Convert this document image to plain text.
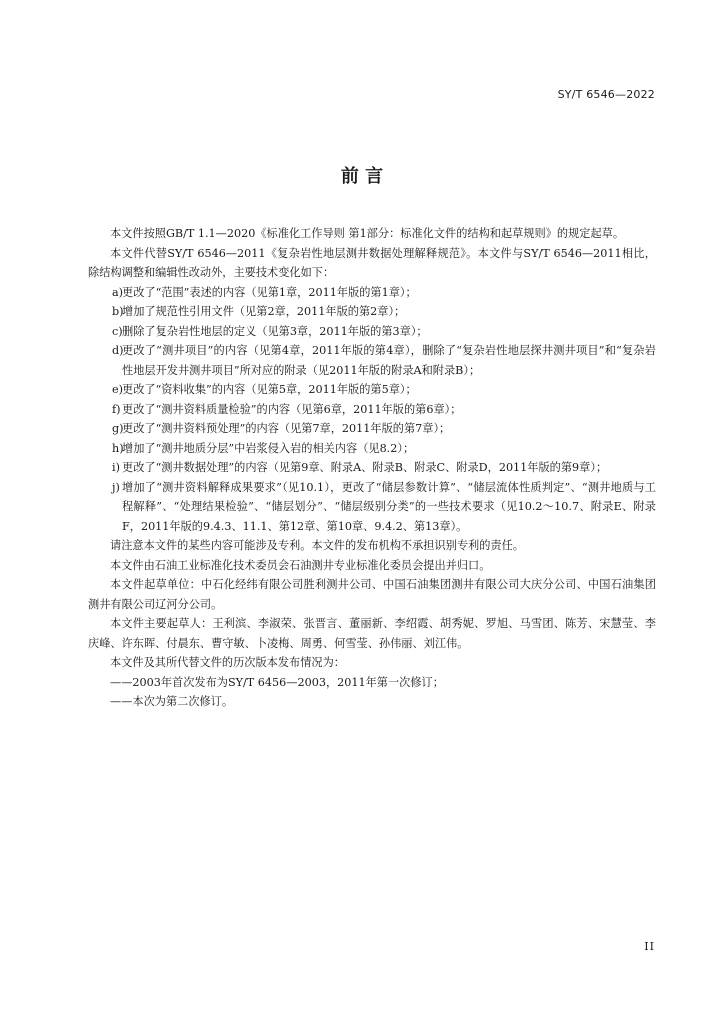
SY/T 6546—2022
前 言

本文件按照GB/T 1.1—2020《标准化工作导则 第1部分：标准化文件的结构和起草规则》的规定起草。

本文件代替SY/T 6546—2011《复杂岩性地层测井数据处理解释规范》。本文件与SY/T 6546—2011相比，除结构调整和编辑性改动外，主要技术变化如下：

a)
更改了“范围”表述的内容（见第1章，2011年版的第1章）；
b)
增加了规范性引用文件（见第2章，2011年版的第2章）；
c) 删除了复杂岩性地层的定义（见第3章，2011年版的第3章）；
d)
更改了“测井项目”的内容（见第4章，2011年版的第4章），删除了“复杂岩性地层探井测井项目”和“复杂岩性地层开发井测井项目”所对应的附录（见2011年版的附录A和附录B）；
e) 更改了“资料收集”的内容（见第5章，2011年版的第5章）；
f) 更改了“测井资料质量检验”的内容（见第6章，2011年版的第6章）；
g)
更改了“测井资料预处理”的内容（见第7章，2011年版的第7章）；
h)
增加了“测井地质分层”中岩浆侵入岩的相关内容（见8.2）；
i) 更改了“测井数据处理”的内容（见第9章、附录A、附录B、附录C、附录D，2011年版的第9章）；
j) 增加了“测井资料解释成果要求”（见10.1），更改了“储层参数计算”、“储层流体性质判定”、“测井地质与工程解释”、“处理结果检验”、“储层划分”、“储层级别分类”的一些技术要求（见10.2～10.7、附录E、附录F，2011年版的9.4.3、11.1、第12章、第10章、9.4.2、第13章）。

请注意本文件的某些内容可能涉及专利。本文件的发布机构不承担识别专利的责任。

本文件由石油工业标准化技术委员会石油测井专业标准化委员会提出并归口。

本文件起草单位：中石化经纬有限公司胜利测井公司、中国石油集团测井有限公司大庆分公司、中国石油集团测井有限公司辽河分公司。

本文件主要起草人：王利滨、李淑荣、张晋言、董丽新、李绍霞、胡秀妮、罗旭、马雪团、陈芳、宋慧莹、李庆峰、许东晖、付晨东、曹守敏、卜凌梅、周勇、何雪莹、孙伟丽、刘江伟。

本文件及其所代替文件的历次版本发布情况为：

——2003年首次发布为SY/T 6456—2003，2011年第一次修订；

——本次为第二次修订。

II
